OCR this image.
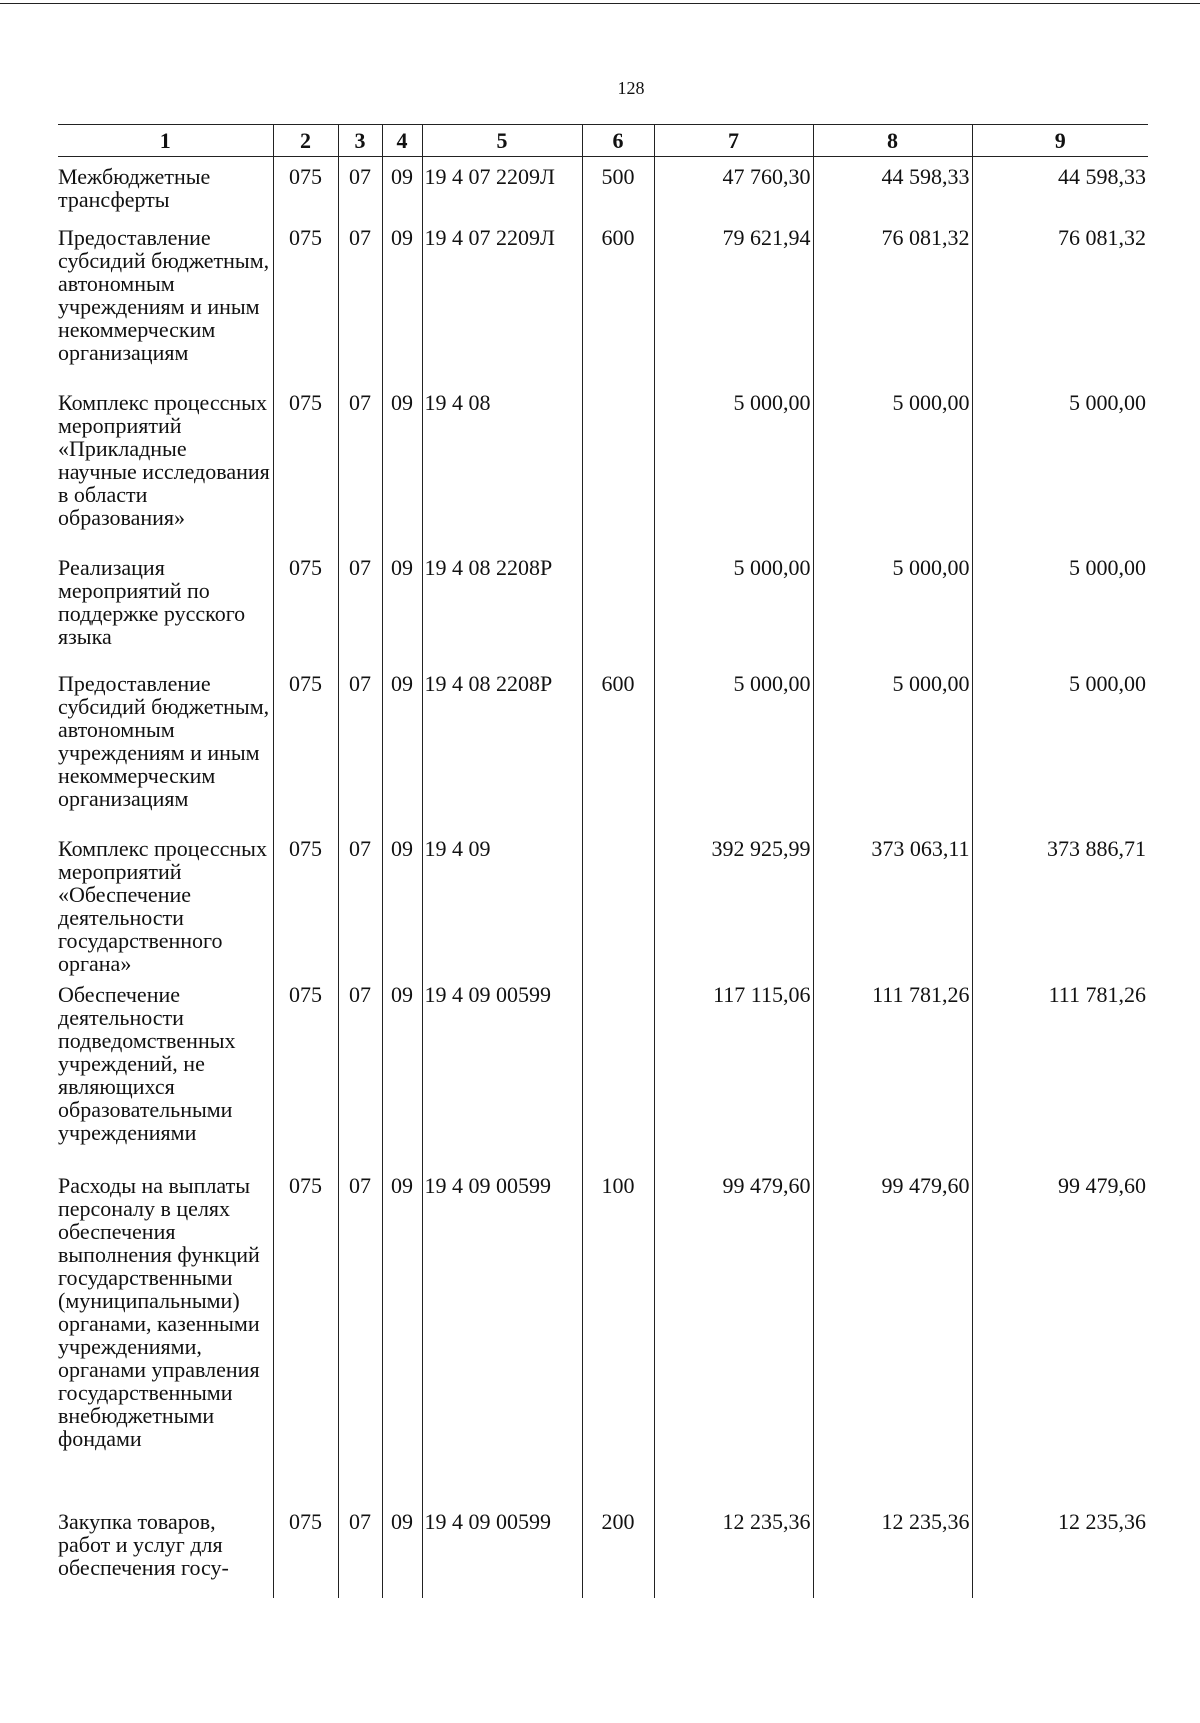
128
1	2	3	4	5	6	7	8	9
Межбюджетные трансферты	075	07	09	19 4 07 2209Л	500	47 760,30	44 598,33	44 598,33
Предоставление субсидий бюджетным, автономным учреждениям и иным некоммерческим организациям	075	07	09	19 4 07 2209Л	600	79 621,94	76 081,32	76 081,32
Комплекс процессных мероприятий «Прикладные научные исследования в области образования»	075	07	09	19 4 08		5 000,00	5 000,00	5 000,00
Реализация мероприятий по поддержке русского языка	075	07	09	19 4 08 2208Р		5 000,00	5 000,00	5 000,00
Предоставление субсидий бюджетным, автономным учреждениям и иным некоммерческим организациям	075	07	09	19 4 08 2208Р	600	5 000,00	5 000,00	5 000,00
Комплекс процессных мероприятий «Обеспечение деятельности государственного органа»	075	07	09	19 4 09		392 925,99	373 063,11	373 886,71
Обеспечение деятельности подведомственных учреждений, не являющихся образовательными учреждениями	075	07	09	19 4 09 00599		117 115,06	111 781,26	111 781,26
Расходы на выплаты персоналу в целях обеспечения выполнения функций государственными (муниципальными) органами, казенными учреждениями, органами управления государственными внебюджетными фондами	075	07	09	19 4 09 00599	100	99 479,60	99 479,60	99 479,60
Закупка товаров, работ и услуг для обеспечения госу-	075	07	09	19 4 09 00599	200	12 235,36	12 235,36	12 235,36
